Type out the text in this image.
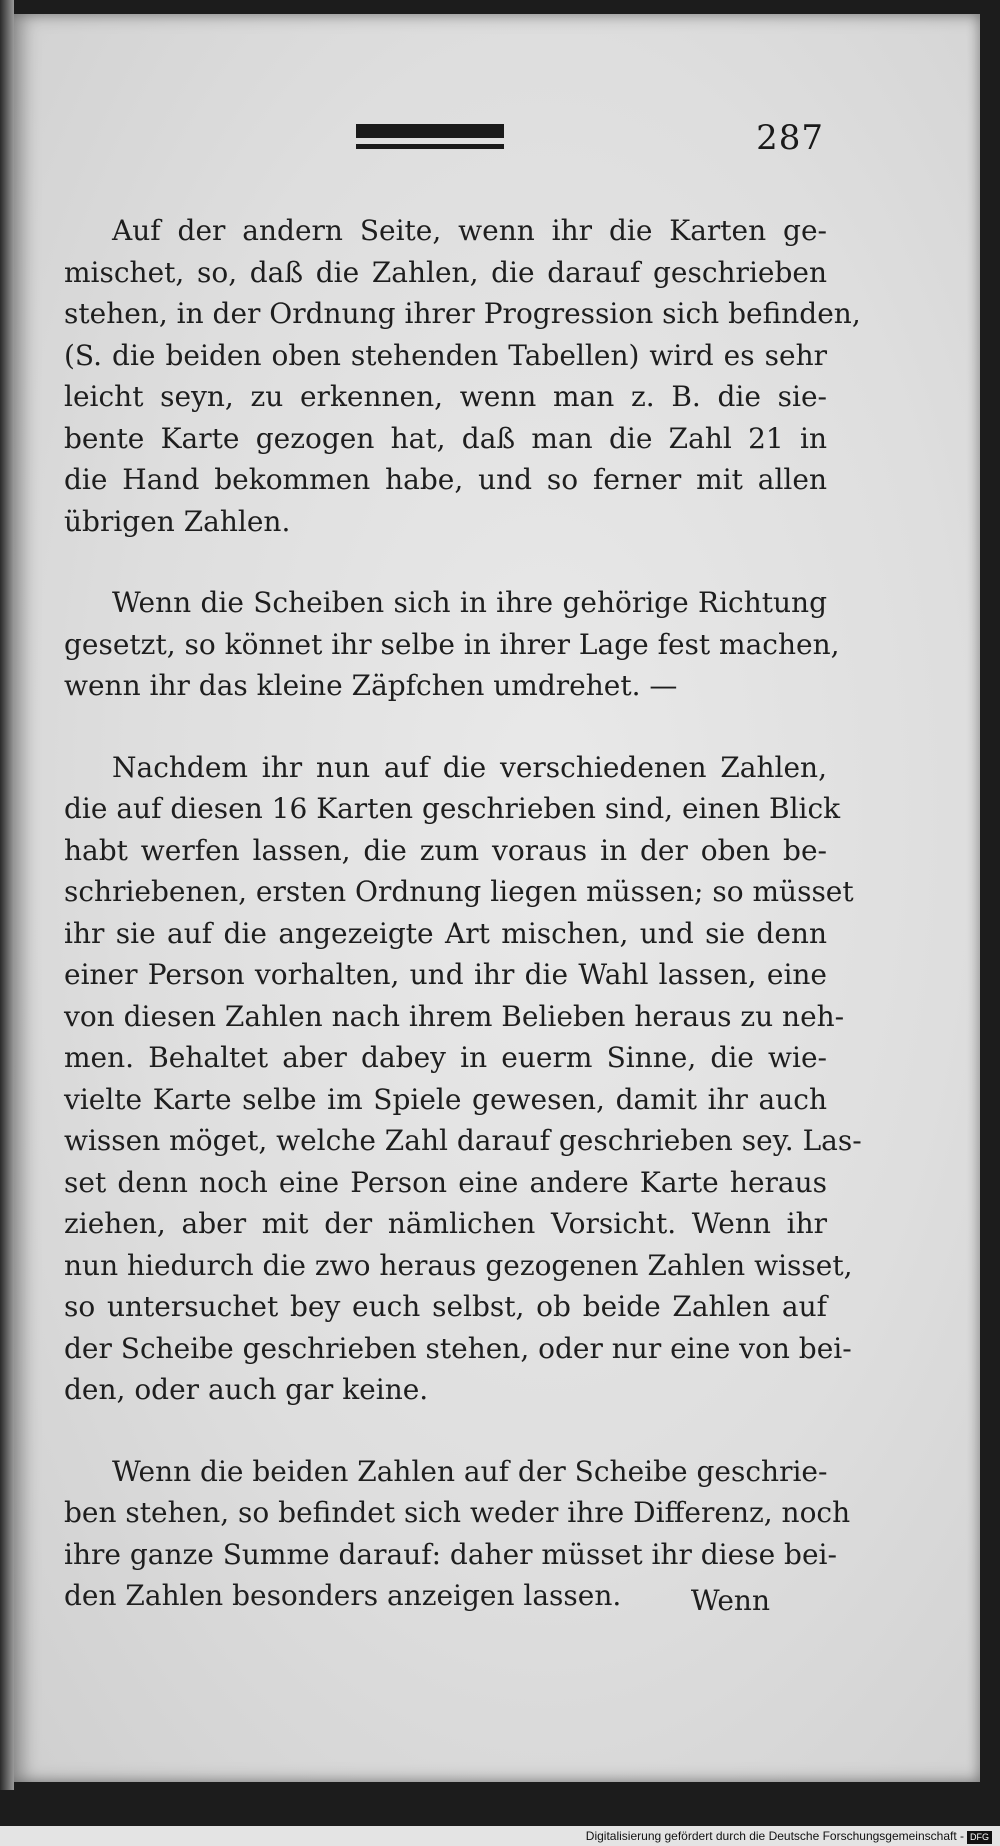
287
Auf der andern Seite, wenn ihr die Karten ge-
mischet, so, daß die Zahlen, die darauf geschrieben
stehen, in der Ordnung ihrer Progression sich befinden,
(S. die beiden oben stehenden Tabellen) wird es sehr
leicht seyn, zu erkennen, wenn man z. B. die sie-
bente Karte gezogen hat, daß man die Zahl 21 in
die Hand bekommen habe, und so ferner mit allen
übrigen Zahlen.
Wenn die Scheiben sich in ihre gehörige Richtung
gesetzt, so könnet ihr selbe in ihrer Lage fest machen,
wenn ihr das kleine Zäpfchen umdrehet. —
Nachdem ihr nun auf die verschiedenen Zahlen,
die auf diesen 16 Karten geschrieben sind, einen Blick
habt werfen lassen, die zum voraus in der oben be-
schriebenen, ersten Ordnung liegen müssen; so müsset
ihr sie auf die angezeigte Art mischen, und sie denn
einer Person vorhalten, und ihr die Wahl lassen, eine
von diesen Zahlen nach ihrem Belieben heraus zu neh-
men. Behaltet aber dabey in euerm Sinne, die wie-
vielte Karte selbe im Spiele gewesen, damit ihr auch
wissen möget, welche Zahl darauf geschrieben sey. Las-
set denn noch eine Person eine andere Karte heraus
ziehen, aber mit der nämlichen Vorsicht. Wenn ihr
nun hiedurch die zwo heraus gezogenen Zahlen wisset,
so untersuchet bey euch selbst, ob beide Zahlen auf
der Scheibe geschrieben stehen, oder nur eine von bei-
den, oder auch gar keine.
Wenn die beiden Zahlen auf der Scheibe geschrie-
ben stehen, so befindet sich weder ihre Differenz, noch
ihre ganze Summe darauf: daher müsset ihr diese bei-
den Zahlen besonders anzeigen lassen.	Wenn
Digitalisierung gefördert durch die Deutsche Forschungsgemeinschaft - DFG
